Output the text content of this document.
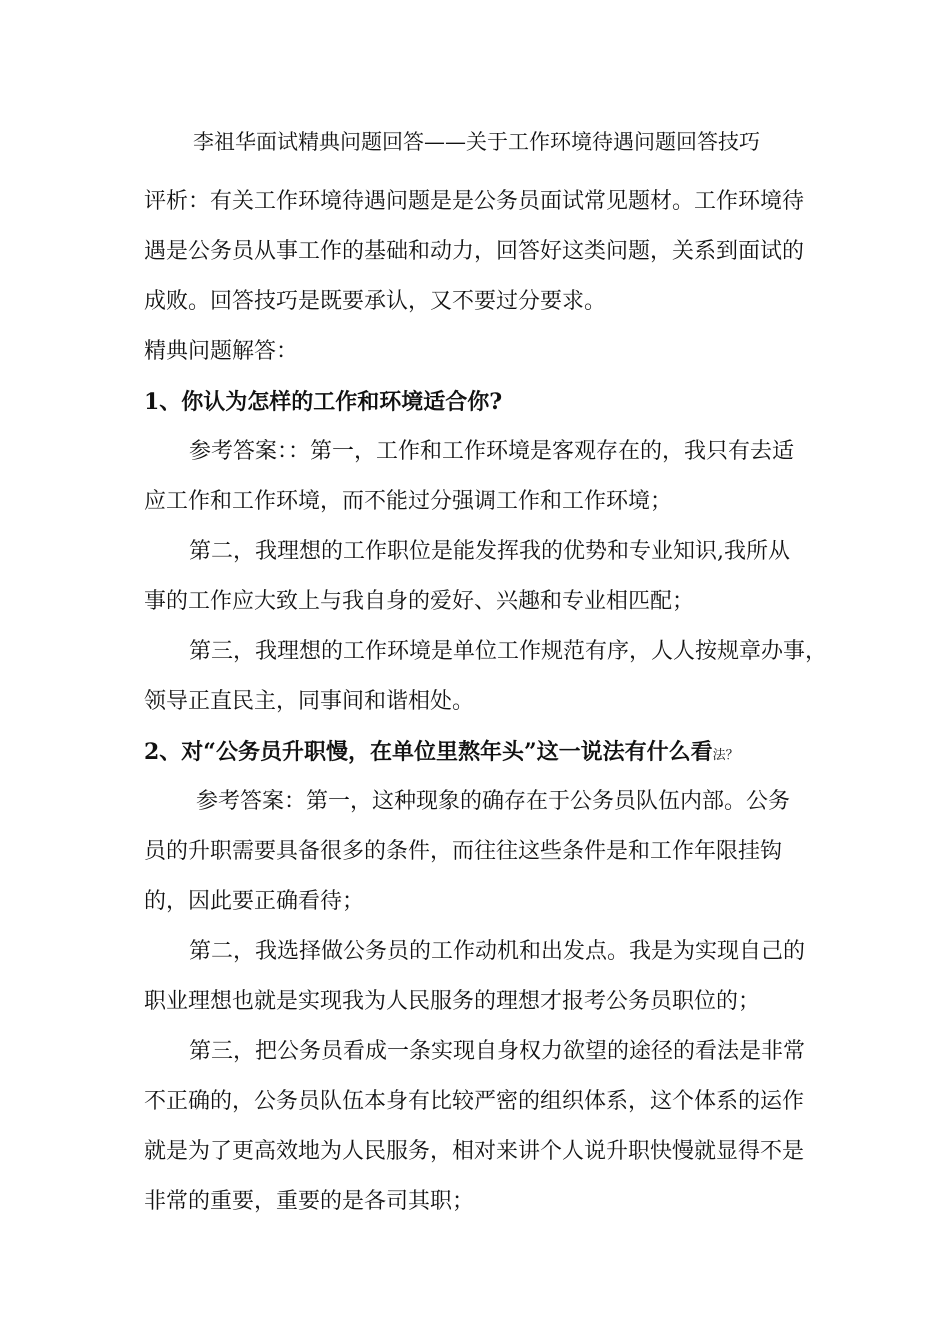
李祖华面试精典问题回答——关于工作环境待遇问题回答技巧
评析：有关工作环境待遇问题是是公务员面试常见题材。工作环境待
遇是公务员从事工作的基础和动力，回答好这类问题，关系到面试的
成败。回答技巧是既要承认，又不要过分要求。
精典问题解答：
1、你认为怎样的工作和环境适合你?
参考答案：：第一，工作和工作环境是客观存在的，我只有去适
应工作和工作环境，而不能过分强调工作和工作环境；
第二，我理想的工作职位是能发挥我的优势和专业知识,我所从
事的工作应大致上与我自身的爱好、兴趣和专业相匹配；
第三，我理想的工作环境是单位工作规范有序，人人按规章办事，
领导正直民主，同事间和谐相处。
2、对“公务员升职慢，在单位里熬年头”这一说法有什么看法？
参考答案：第一，这种现象的确存在于公务员队伍内部。公务
员的升职需要具备很多的条件，而往往这些条件是和工作年限挂钩
的，因此要正确看待；
第二，我选择做公务员的工作动机和出发点。我是为实现自己的
职业理想也就是实现我为人民服务的理想才报考公务员职位的；
第三，把公务员看成一条实现自身权力欲望的途径的看法是非常
不正确的，公务员队伍本身有比较严密的组织体系，这个体系的运作
就是为了更高效地为人民服务，相对来讲个人说升职快慢就显得不是
非常的重要，重要的是各司其职；
